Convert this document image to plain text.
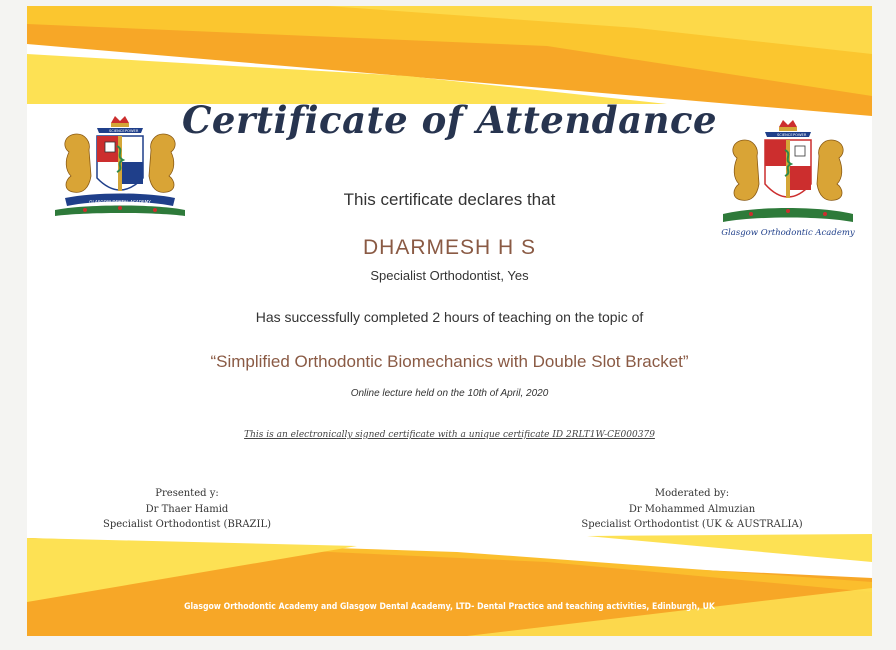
SCIENCE POWER
GLASGOW DENTAL ACADEMY
SCIENCE POWER
Glasgow Orthodontic Academy
Certificate of Attendance
This certificate declares that
DHARMESH H S
Specialist Orthodontist, Yes
Has successfully completed 2 hours of teaching on the topic of
“Simplified Orthodontic Biomechanics with Double Slot Bracket”
Online lecture held on the 10th of April, 2020
This is an electronically signed certificate with a unique certificate ID 2RLT1W-CE000379
Presented y:
Dr Thaer Hamid
Specialist Orthodontist (BRAZIL)
Moderated by:
Dr Mohammed Almuzian
Specialist Orthodontist (UK & AUSTRALIA)
Glasgow Orthodontic Academy and Glasgow Dental Academy, LTD- Dental Practice and teaching activities, Edinburgh, UK
